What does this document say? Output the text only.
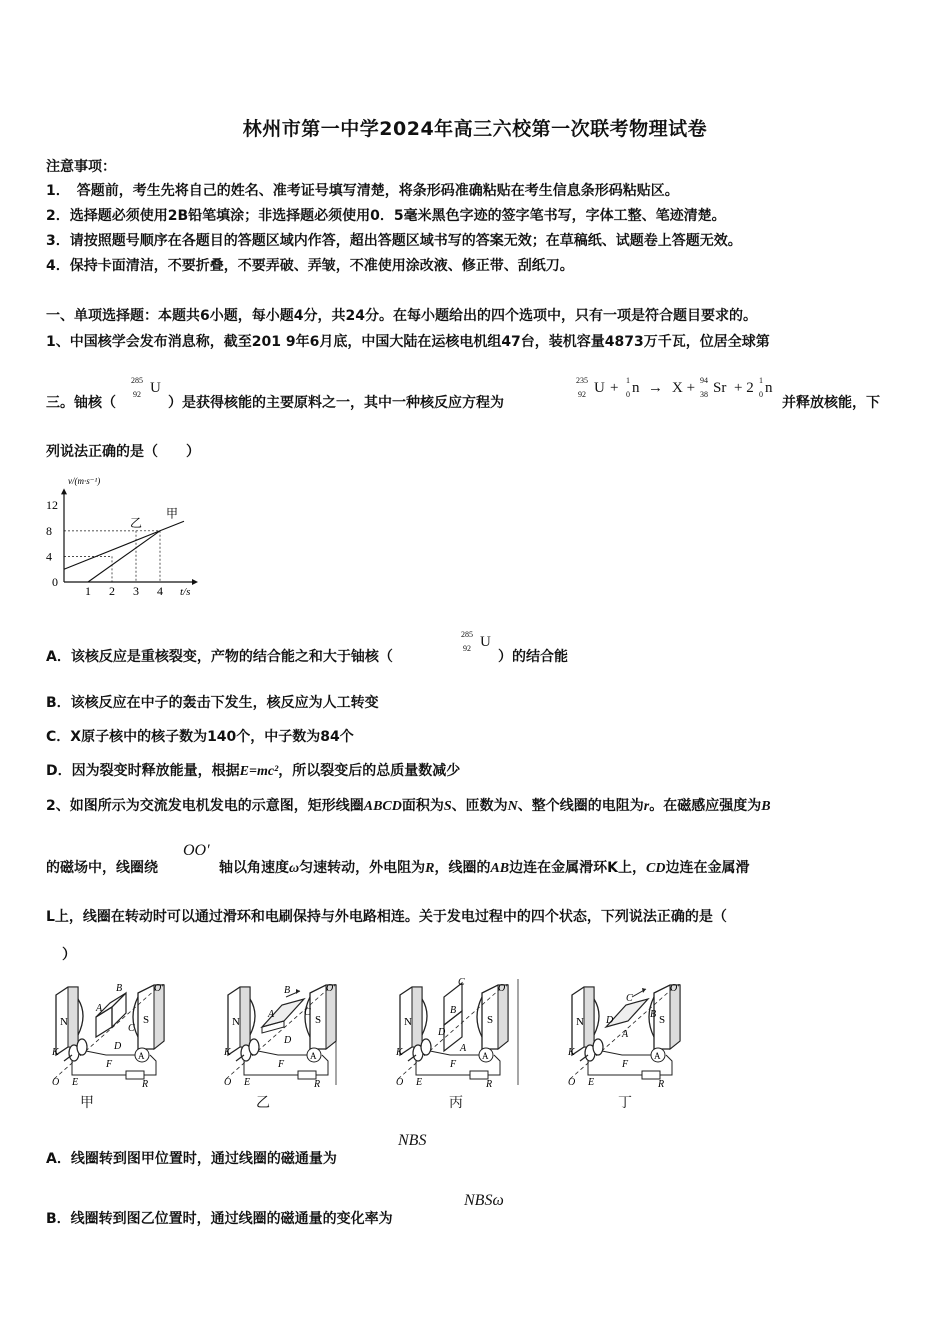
林州市第一中学2024年高三六校第一次联考物理试卷
注意事项：
1．　答题前，考生先将自己的姓名、准考证号填写清楚，将条形码准确粘贴在考生信息条形码粘贴区。
2．选择题必须使用2B铅笔填涂；非选择题必须使用0．5毫米黑色字迹的签字笔书写，字体工整、笔迹清楚。
3．请按照题号顺序在各题目的答题区域内作答，超出答题区域书写的答案无效；在草稿纸、试题卷上答题无效。
4．保持卡面清洁，不要折叠，不要弄破、弄皱，不准使用涂改液、修正带、刮纸刀。
一、单项选择题：本题共6小题，每小题4分，共24分。在每小题给出的四个选项中，只有一项是符合题目要求的。
1、中国核学会发布消息称，截至201 9年6月底，中国大陆在运核电机组47台，装机容量4873万千瓦，位居全球第
三。铀核（
285
92 U
）是获得核能的主要原料之一，其中一种核反应方程为
235
92 U + 1
0 n → X + 94
38 Sr + 2 1
0 n
并释放核能，下
列说法正确的是（　　）
v/(m·s⁻¹)
t/s
0
1 2 3 4
4
8
12
乙
甲
A．该核反应是重核裂变，产物的结合能之和大于铀核（
285
92 U
）的结合能
B．该核反应在中子的轰击下发生，核反应为人工转变
C．X原子核中的核子数为140个，中子数为84个
D．因为裂变时释放能量，根据E=mc²，所以裂变后的总质量数减少
2、如图所示为交流发电机发电的示意图，矩形线圈ABCD面积为S、匝数为N、整个线圈的电阻为r。在磁感应强度为B
的磁场中，线圈绕
OO′
轴以角速度ω匀速转动，外电阻为R，线圈的AB边连在金属滑环K上，CD边连在金属滑
L上，线圈在转动时可以通过滑环和电刷保持与外电路相连。关于发电过程中的四个状态，下列说法正确的是（
）
B
A
D
C
B
A
D
C
C
B
A
D
C
D
A
B
甲	乙	丙	丁
A．线圈转到图甲位置时，通过线圈的磁通量为
NBS
B．线圈转到图乙位置时，通过线圈的磁通量的变化率为
NBSω
